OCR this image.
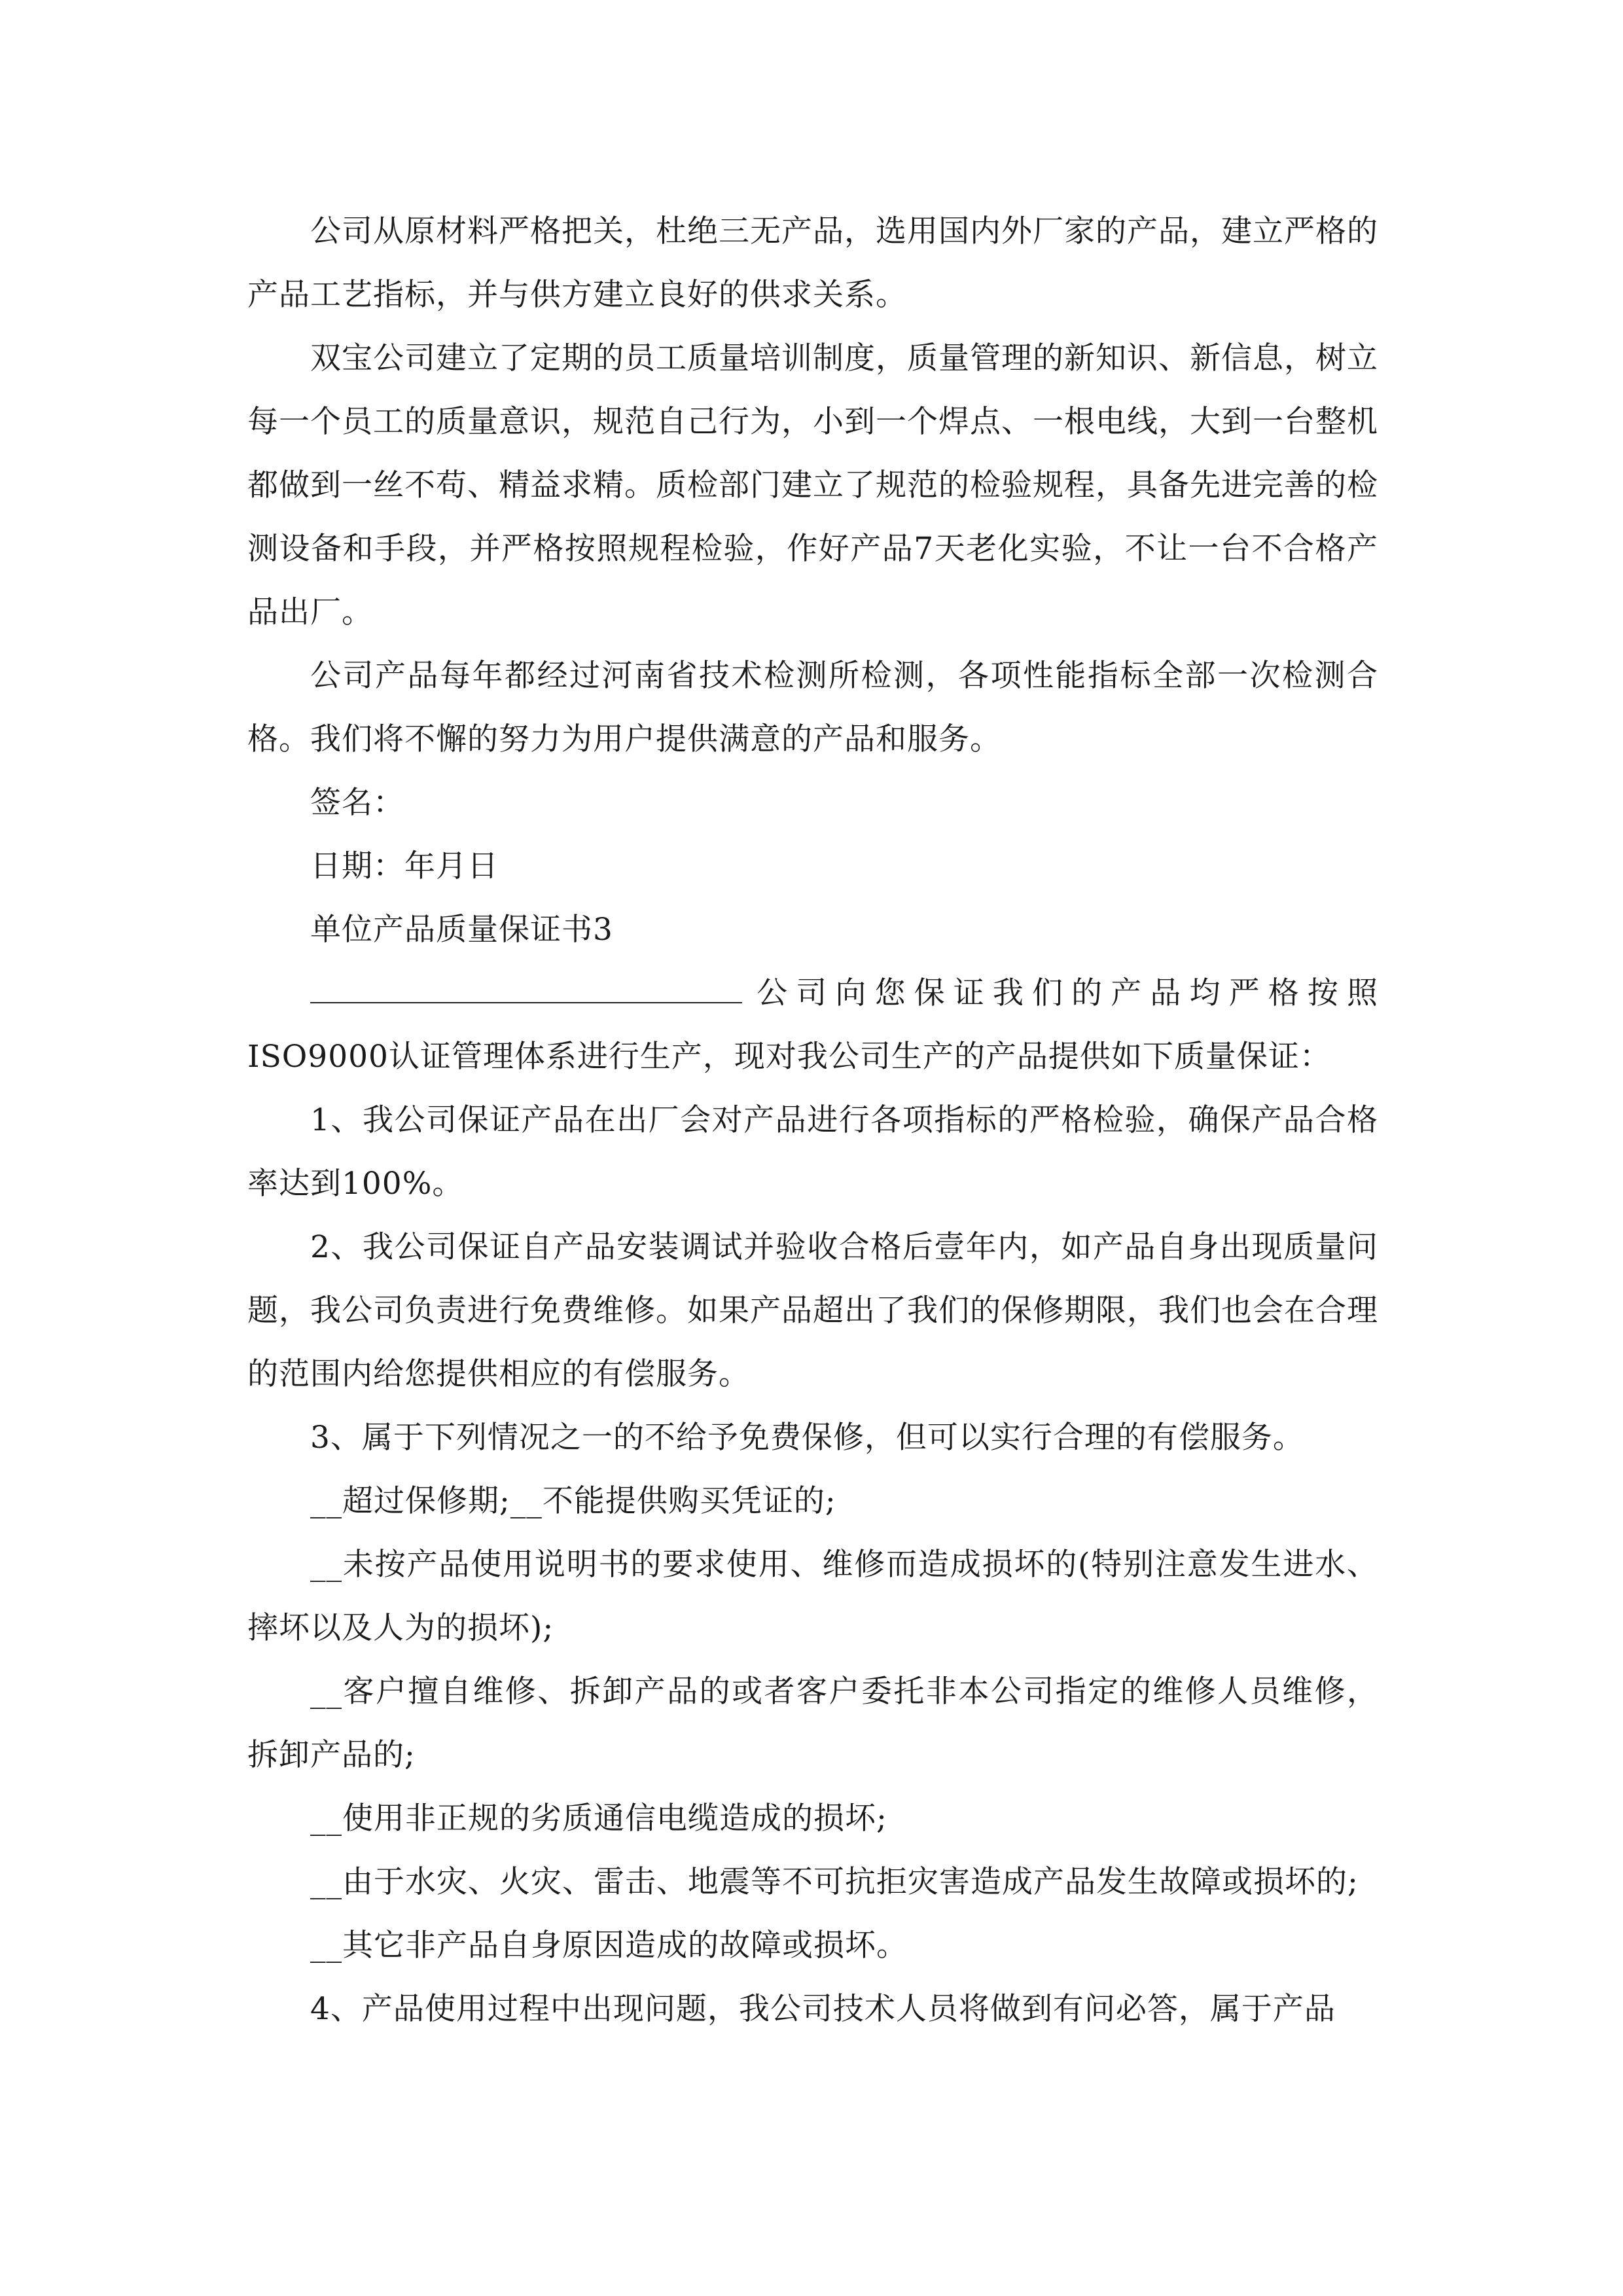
公司从原材料严格把关，杜绝三无产品，选用国内外厂家的产品，建立严格的产品工艺指标，并与供方建立良好的供求关系。

双宝公司建立了定期的员工质量培训制度，质量管理的新知识、新信息，树立每一个员工的质量意识，规范自己行为，小到一个焊点、一根电线，大到一台整机都做到一丝不苟、精益求精。质检部门建立了规范的检验规程，具备先进完善的检测设备和手段，并严格按照规程检验，作好产品7天老化实验，不让一台不合格产品出厂。

公司产品每年都经过河南省技术检测所检测，各项性能指标全部一次检测合格。我们将不懈的努力为用户提供满意的产品和服务。

签名：

日期：年月日

单位产品质量保证书3

公司向您保证我们的产品均严格按照ISO9000认证管理体系进行生产，现对我公司生产的产品提供如下质量保证：

1、我公司保证产品在出厂会对产品进行各项指标的严格检验，确保产品合格率达到100%。

2、我公司保证自产品安装调试并验收合格后壹年内，如产品自身出现质量问题，我公司负责进行免费维修。如果产品超出了我们的保修期限，我们也会在合理的范围内给您提供相应的有偿服务。

3、属于下列情况之一的不给予免费保修，但可以实行合理的有偿服务。

__超过保修期;__不能提供购买凭证的;

__未按产品使用说明书的要求使用、维修而造成损坏的(特别注意发生进水、摔坏以及人为的损坏);

__客户擅自维修、拆卸产品的或者客户委托非本公司指定的维修人员维修，拆卸产品的;

__使用非正规的劣质通信电缆造成的损坏;

__由于水灾、火灾、雷击、地震等不可抗拒灾害造成产品发生故障或损坏的;

__其它非产品自身原因造成的故障或损坏。

4、产品使用过程中出现问题，我公司技术人员将做到有问必答，属于产品
